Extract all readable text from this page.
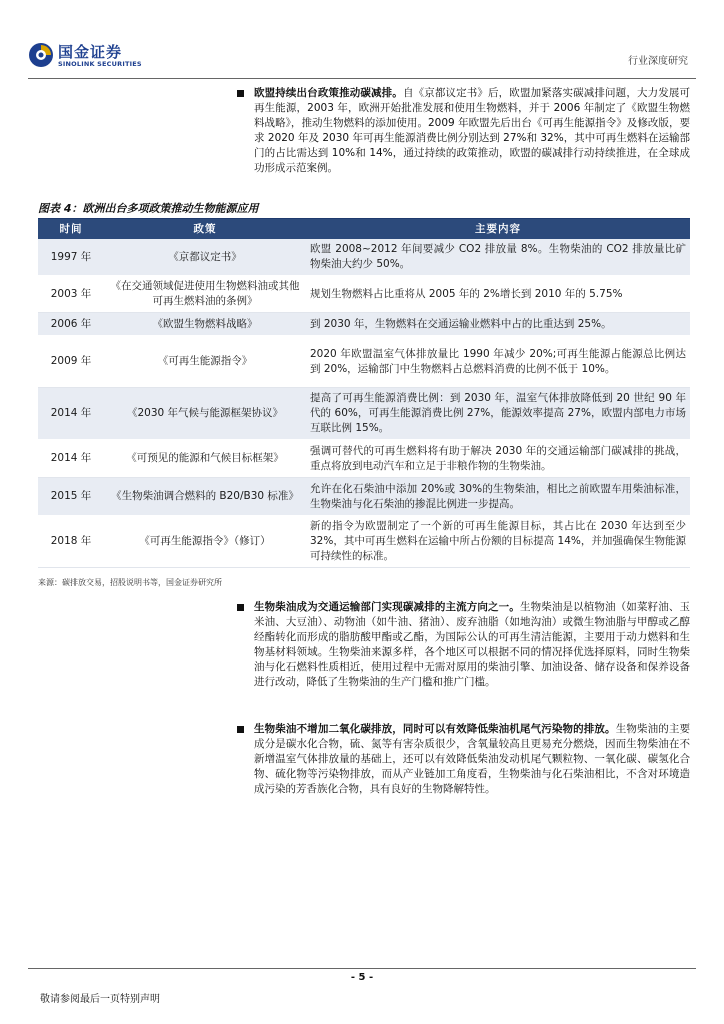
国金证券
SINOLINK SECURITIES	行业深度研究
欧盟持续出台政策推动碳减排。自《京都议定书》后，欧盟加紧落实碳减排问题，大力发展可再生能源，2003 年，欧洲开始批准发展和使用生物燃料，并于 2006 年制定了《欧盟生物燃料战略》，推动生物燃料的添加使用。2009 年欧盟先后出台《可再生能源指令》及修改版，要求 2020 年及 2030 年可再生能源消费比例分别达到 27%和 32%，其中可再生燃料在运输部门的占比需达到 10%和 14%，通过持续的政策推动，欧盟的碳减排行动持续推进，在全球成功形成示范案例。
图表 4：欧洲出台多项政策推动生物能源应用
时间	政策	主要内容
1997 年	《京都议定书》	欧盟 2008~2012 年间要减少 CO2 排放量 8%。生物柴油的 CO2 排放量比矿物柴油大约少 50%。
2003 年	《在交通领域促进使用生物燃料油或其他可再生燃料油的条例》	规划生物燃料占比重将从 2005 年的 2%增长到 2010 年的 5.75%
2006 年	《欧盟生物燃料战略》	到 2030 年，生物燃料在交通运输业燃料中占的比重达到 25%。
2009 年	《可再生能源指令》	2020 年欧盟温室气体排放量比 1990 年减少 20%;可再生能源占能源总比例达到 20%，运输部门中生物燃料占总燃料消费的比例不低于 10%。
2014 年	《2030 年气候与能源框架协议》	提高了可再生能源消费比例：到 2030 年，温室气体排放降低到 20 世纪 90 年代的 60%，可再生能源消费比例 27%，能源效率提高 27%，欧盟内部电力市场互联比例 15%。
2014 年	《可预见的能源和气候目标框架》	强调可替代的可再生燃料将有助于解决 2030 年的交通运输部门碳减排的挑战，重点将放到电动汽车和立足于非粮作物的生物柴油。
2015 年	《生物柴油调合燃料的 B20/B30 标准》	允许在化石柴油中添加 20%或 30%的生物柴油，相比之前欧盟车用柴油标准，生物柴油与化石柴油的掺混比例进一步提高。
2018 年	《可再生能源指令》（修订）	新的指令为欧盟制定了一个新的可再生能源目标，其占比在 2030 年达到至少 32%，其中可再生燃料在运输中所占份额的目标提高 14%，并加强确保生物能源可持续性的标准。
来源：碳排放交易，招股说明书等，国金证券研究所
生物柴油成为交通运输部门实现碳减排的主流方向之一。生物柴油是以植物油（如菜籽油、玉米油、大豆油）、动物油（如牛油、猪油）、废弃油脂（如地沟油）或微生物油脂与甲醇或乙醇经酯转化而形成的脂肪酸甲酯或乙酯，为国际公认的可再生清洁能源，主要用于动力燃料和生物基材料领域。生物柴油来源多样，各个地区可以根据不同的情况择优选择原料，同时生物柴油与化石燃料性质相近，使用过程中无需对原用的柴油引擎、加油设备、储存设备和保养设备进行改动，降低了生物柴油的生产门槛和推广门槛。
生物柴油不增加二氧化碳排放，同时可以有效降低柴油机尾气污染物的排放。生物柴油的主要成分是碳水化合物，硫、氮等有害杂质很少，含氧量较高且更易充分燃烧，因而生物柴油在不新增温室气体排放量的基础上，还可以有效降低柴油发动机尾气颗粒物、一氧化碳、碳氢化合物、硫化物等污染物排放，而从产业链加工角度看，生物柴油与化石柴油相比，不含对环境造成污染的芳香族化合物，具有良好的生物降解特性。
- 5 -
敬请参阅最后一页特别声明
